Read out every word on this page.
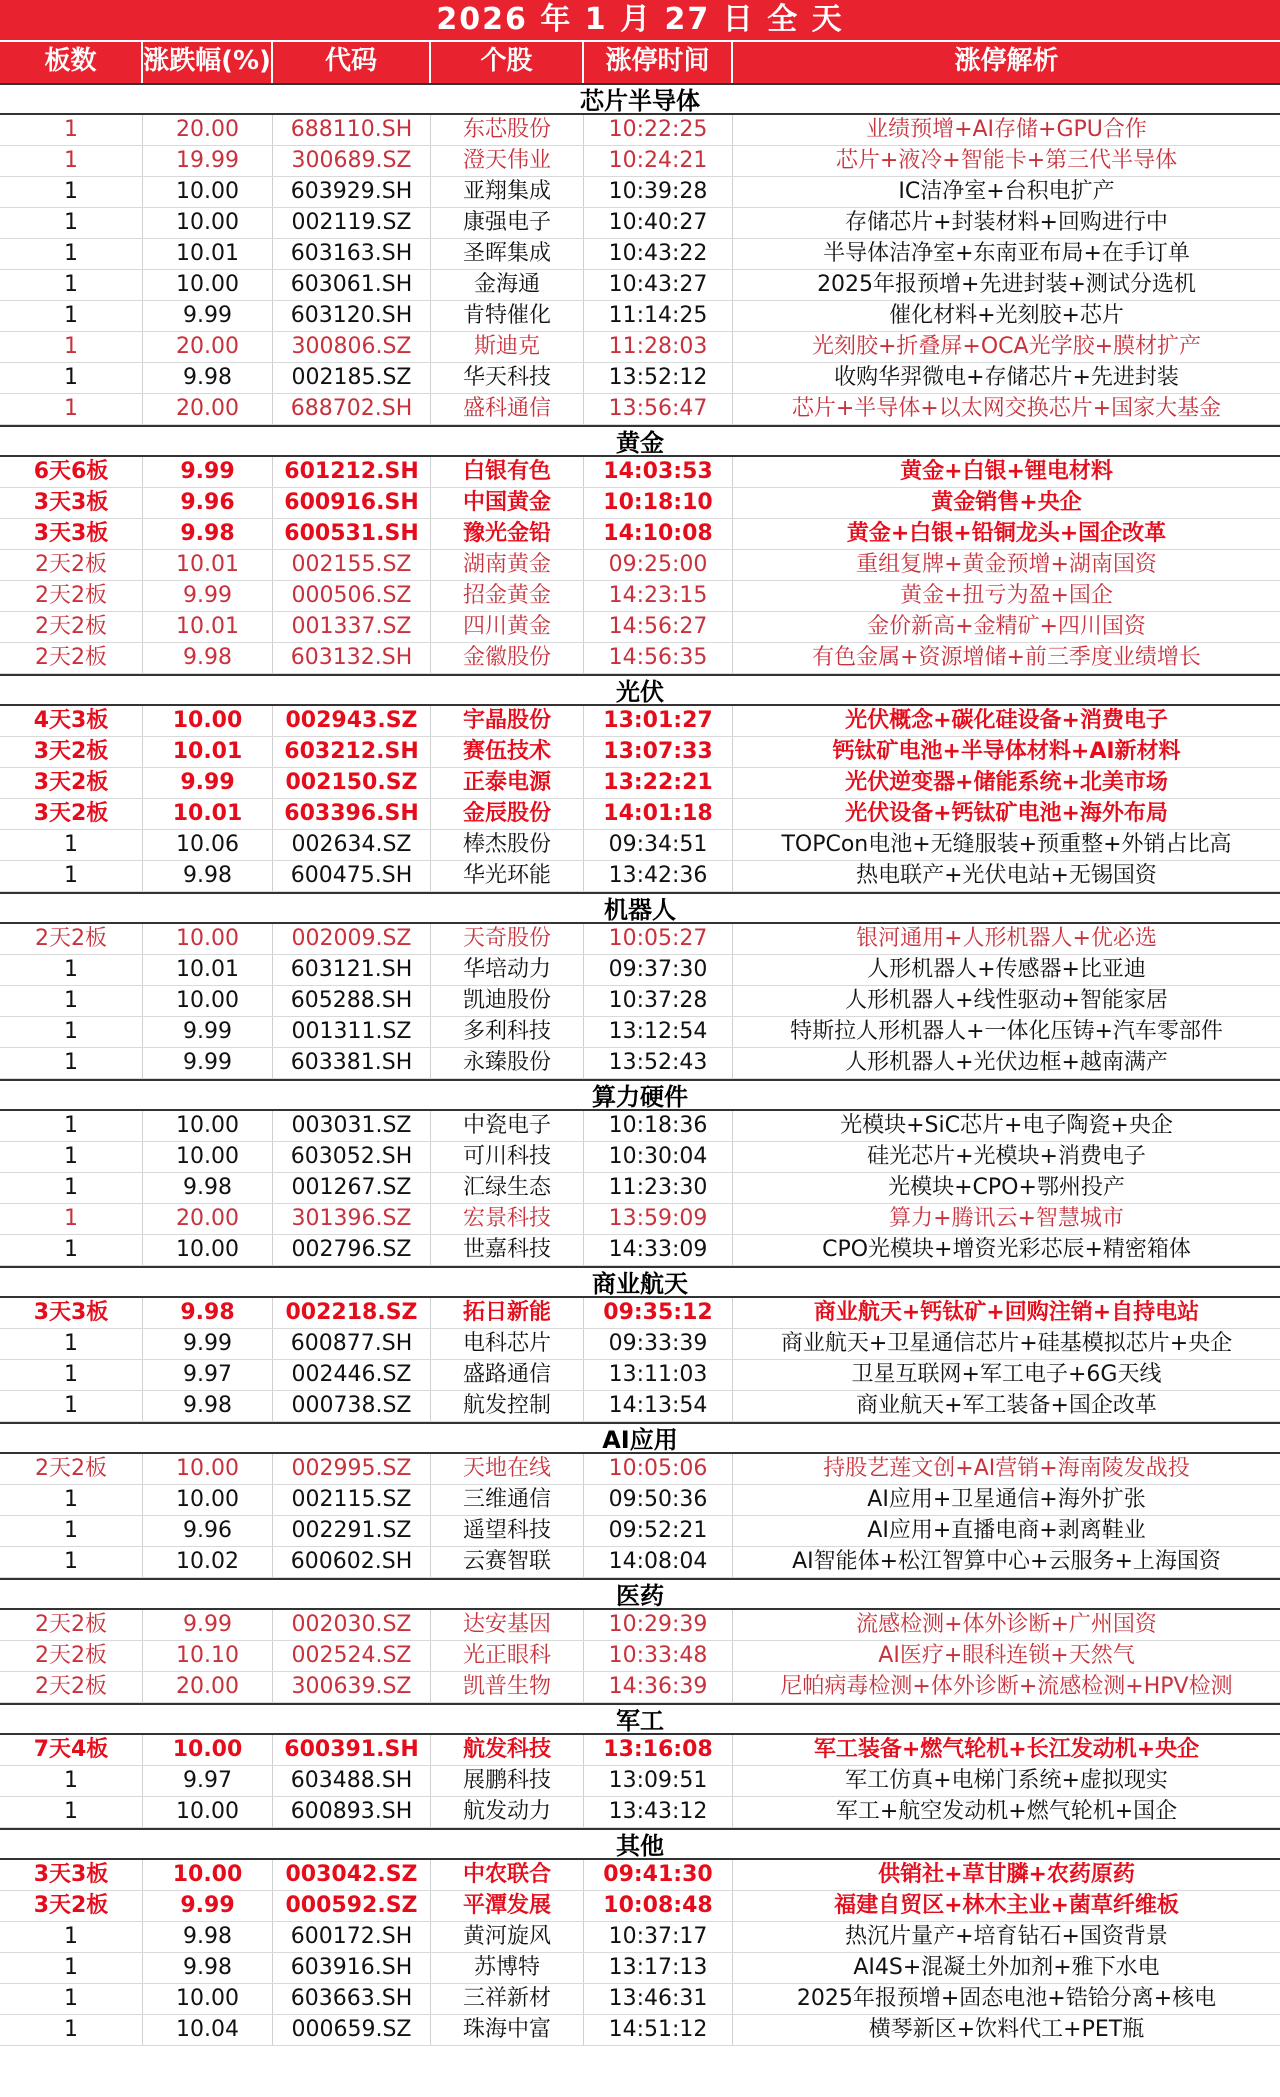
2026 年 1 月 27 日 全 天
板数	涨跌幅(%)	代码	个股	涨停时间	涨停解析
芯片半导体
1	20.00	688110.SH	东芯股份	10:22:25	业绩预增+AI存储+GPU合作
1	19.99	300689.SZ	澄天伟业	10:24:21	芯片+液冷+智能卡+第三代半导体
1	10.00	603929.SH	亚翔集成	10:39:28	IC洁净室+台积电扩产
1	10.00	002119.SZ	康强电子	10:40:27	存储芯片+封装材料+回购进行中
1	10.01	603163.SH	圣晖集成	10:43:22	半导体洁净室+东南亚布局+在手订单
1	10.00	603061.SH	金海通	10:43:27	2025年报预增+先进封装+测试分选机
1	9.99	603120.SH	肯特催化	11:14:25	催化材料+光刻胶+芯片
1	20.00	300806.SZ	斯迪克	11:28:03	光刻胶+折叠屏+OCA光学胶+膜材扩产
1	9.98	002185.SZ	华天科技	13:52:12	收购华羿微电+存储芯片+先进封装
1	20.00	688702.SH	盛科通信	13:56:47	芯片+半导体+以太网交换芯片+国家大基金
黄金
6天6板	9.99	601212.SH	白银有色	14:03:53	黄金+白银+锂电材料
3天3板	9.96	600916.SH	中国黄金	10:18:10	黄金销售+央企
3天3板	9.98	600531.SH	豫光金铅	14:10:08	黄金+白银+铅铜龙头+国企改革
2天2板	10.01	002155.SZ	湖南黄金	09:25:00	重组复牌+黄金预增+湖南国资
2天2板	9.99	000506.SZ	招金黄金	14:23:15	黄金+扭亏为盈+国企
2天2板	10.01	001337.SZ	四川黄金	14:56:27	金价新高+金精矿+四川国资
2天2板	9.98	603132.SH	金徽股份	14:56:35	有色金属+资源增储+前三季度业绩增长
光伏
4天3板	10.00	002943.SZ	宇晶股份	13:01:27	光伏概念+碳化硅设备+消费电子
3天2板	10.01	603212.SH	赛伍技术	13:07:33	钙钛矿电池+半导体材料+AI新材料
3天2板	9.99	002150.SZ	正泰电源	13:22:21	光伏逆变器+储能系统+北美市场
3天2板	10.01	603396.SH	金辰股份	14:01:18	光伏设备+钙钛矿电池+海外布局
1	10.06	002634.SZ	棒杰股份	09:34:51	TOPCon电池+无缝服装+预重整+外销占比高
1	9.98	600475.SH	华光环能	13:42:36	热电联产+光伏电站+无锡国资
机器人
2天2板	10.00	002009.SZ	天奇股份	10:05:27	银河通用+人形机器人+优必选
1	10.01	603121.SH	华培动力	09:37:30	人形机器人+传感器+比亚迪
1	10.00	605288.SH	凯迪股份	10:37:28	人形机器人+线性驱动+智能家居
1	9.99	001311.SZ	多利科技	13:12:54	特斯拉人形机器人+一体化压铸+汽车零部件
1	9.99	603381.SH	永臻股份	13:52:43	人形机器人+光伏边框+越南满产
算力硬件
1	10.00	003031.SZ	中瓷电子	10:18:36	光模块+SiC芯片+电子陶瓷+央企
1	10.00	603052.SH	可川科技	10:30:04	硅光芯片+光模块+消费电子
1	9.98	001267.SZ	汇绿生态	11:23:30	光模块+CPO+鄂州投产
1	20.00	301396.SZ	宏景科技	13:59:09	算力+腾讯云+智慧城市
1	10.00	002796.SZ	世嘉科技	14:33:09	CPO光模块+增资光彩芯辰+精密箱体
商业航天
3天3板	9.98	002218.SZ	拓日新能	09:35:12	商业航天+钙钛矿+回购注销+自持电站
1	9.99	600877.SH	电科芯片	09:33:39	商业航天+卫星通信芯片+硅基模拟芯片+央企
1	9.97	002446.SZ	盛路通信	13:11:03	卫星互联网+军工电子+6G天线
1	9.98	000738.SZ	航发控制	14:13:54	商业航天+军工装备+国企改革
AI应用
2天2板	10.00	002995.SZ	天地在线	10:05:06	持股艺莲文创+AI营销+海南陵发战投
1	10.00	002115.SZ	三维通信	09:50:36	AI应用+卫星通信+海外扩张
1	9.96	002291.SZ	遥望科技	09:52:21	AI应用+直播电商+剥离鞋业
1	10.02	600602.SH	云赛智联	14:08:04	AI智能体+松江智算中心+云服务+上海国资
医药
2天2板	9.99	002030.SZ	达安基因	10:29:39	流感检测+体外诊断+广州国资
2天2板	10.10	002524.SZ	光正眼科	10:33:48	AI医疗+眼科连锁+天然气
2天2板	20.00	300639.SZ	凯普生物	14:36:39	尼帕病毒检测+体外诊断+流感检测+HPV检测
军工
7天4板	10.00	600391.SH	航发科技	13:16:08	军工装备+燃气轮机+长江发动机+央企
1	9.97	603488.SH	展鹏科技	13:09:51	军工仿真+电梯门系统+虚拟现实
1	10.00	600893.SH	航发动力	13:43:12	军工+航空发动机+燃气轮机+国企
其他
3天3板	10.00	003042.SZ	中农联合	09:41:30	供销社+草甘膦+农药原药
3天2板	9.99	000592.SZ	平潭发展	10:08:48	福建自贸区+林木主业+菌草纤维板
1	9.98	600172.SH	黄河旋风	10:37:17	热沉片量产+培育钻石+国资背景
1	9.98	603916.SH	苏博特	13:17:13	AI4S+混凝土外加剂+雅下水电
1	10.00	603663.SH	三祥新材	13:46:31	2025年报预增+固态电池+锆铪分离+核电
1	10.04	000659.SZ	珠海中富	14:51:12	横琴新区+饮料代工+PET瓶
